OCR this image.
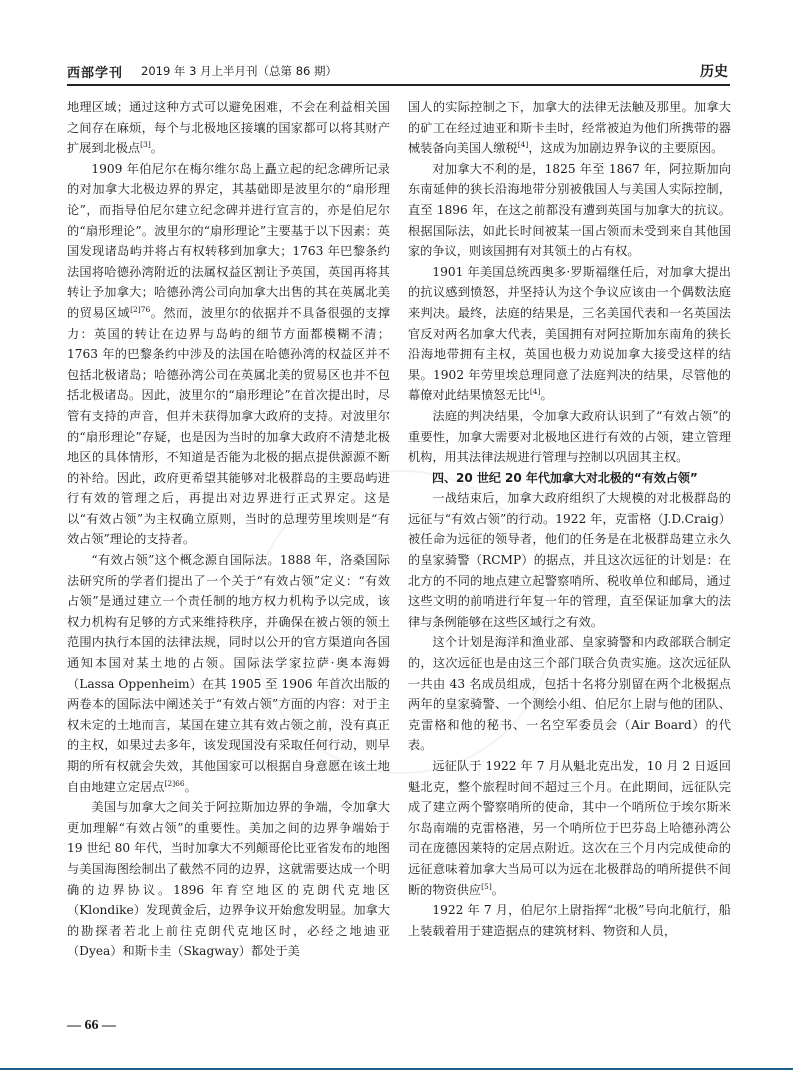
西部学刊 2019 年 3 月上半月刊（总第 86 期）	历史

地理区域；通过这种方式可以避免困难，不会在利益相关国之间存在麻烦，每个与北极地区接壤的国家都可以将其财产扩展到北极点[3]。

1909 年伯尼尔在梅尔维尔岛上矗立起的纪念碑所记录的对加拿大北极边界的界定，其基础即是波里尔的“扇形理论”，而指导伯尼尔建立纪念碑并进行宣言的，亦是伯尼尔的“扇形理论”。波里尔的“扇形理论”主要基于以下因素：英国发现诸岛屿并将占有权转移到加拿大；1763 年巴黎条约法国将哈德孙湾附近的法属权益区割让予英国，英国再将其转让予加拿大；哈德孙湾公司向加拿大出售的其在英属北美的贸易区域$^{[2]76}$。然而，波里尔的依据并不具备很强的支撑力：英国的转让在边界与岛屿的细节方面都模糊不清；1763 年的巴黎条约中涉及的法国在哈德孙湾的权益区并不包括北极诸岛；哈德孙湾公司在英属北美的贸易区也并不包括北极诸岛。因此，波里尔的“扇形理论”在首次提出时，尽管有支持的声音，但并未获得加拿大政府的支持。对波里尔的“扇形理论”存疑，也是因为当时的加拿大政府不清楚北极地区的具体情形，不知道是否能为北极的据点提供源源不断的补给。因此，政府更希望其能够对北极群岛的主要岛屿进行有效的管理之后，再提出对边界进行正式界定。这是以“有效占领”为主权确立原则，当时的总理劳里埃则是“有效占领”理论的支持者。

“有效占领”这个概念源自国际法。1888 年，洛桑国际法研究所的学者们提出了一个关于“有效占领”定义：“有效占领”是通过建立一个责任制的地方权力机构予以完成，该权力机构有足够的方式来维持秩序，并确保在被占领的领土范围内执行本国的法律法规，同时以公开的官方渠道向各国通知本国对某土地的占领。国际法学家拉萨·奥本海姆（Lassa Oppenheim）在其 1905 至 1906 年首次出版的两卷本的国际法中阐述关于“有效占领”方面的内容：对于主权未定的土地而言，某国在建立其有效占领之前，没有真正的主权，如果过去多年，该发现国没有采取任何行动，则早期的所有权就会失效，其他国家可以根据自身意愿在该土地自由地建立定居点$^{[2]66}$。

美国与加拿大之间关于阿拉斯加边界的争端，令加拿大更加理解“有效占领”的重要性。美加之间的边界争端始于 19 世纪 80 年代，当时加拿大不列颠哥伦比亚省发布的地图与美国海图绘制出了截然不同的边界，这就需要达成一个明确的边界协议。1896 年育空地区的克朗代克地区（Klondike）发现黄金后，边界争议开始愈发明显。加拿大的勘探者若北上前往克朗代克地区时，必经之地迪亚（Dyea）和斯卡圭（Skagway）都处于美

国人的实际控制之下，加拿大的法律无法触及那里。加拿大的矿工在经过迪亚和斯卡圭时，经常被迫为他们所携带的器械装备向美国人缴税[4]，这成为加剧边界争议的主要原因。

对加拿大不利的是，1825 年至 1867 年，阿拉斯加向东南延伸的狭长沿海地带分别被俄国人与美国人实际控制，直至 1896 年，在这之前都没有遭到英国与加拿大的抗议。根据国际法，如此长时间被某一国占领而未受到来自其他国家的争议，则该国拥有对其领土的占有权。

1901 年美国总统西奥多·罗斯福继任后，对加拿大提出的抗议感到愤怒，并坚持认为这个争议应该由一个偶数法庭来判决。最终，法庭的结果是，三名美国代表和一名英国法官反对两名加拿大代表，美国拥有对阿拉斯加东南角的狭长沿海地带拥有主权，英国也极力劝说加拿大接受这样的结果。1902 年劳里埃总理同意了法庭判决的结果，尽管他的幕僚对此结果愤怒无比[4]。

法庭的判决结果，令加拿大政府认识到了“有效占领”的重要性，加拿大需要对北极地区进行有效的占领，建立管理机构，用其法律法规进行管理与控制以巩固其主权。

四、20 世纪 20 年代加拿大对北极的“有效占领”

一战结束后，加拿大政府组织了大规模的对北极群岛的远征与“有效占领”的行动。1922 年，克雷格（J.D.Craig）被任命为远征的领导者，他们的任务是在北极群岛建立永久的皇家骑警（RCMP）的据点，并且这次远征的计划是：在北方的不同的地点建立起警察哨所、税收单位和邮局，通过这些文明的前哨进行年复一年的管理，直至保证加拿大的法律与条例能够在这些区域行之有效。

这个计划是海洋和渔业部、皇家骑警和内政部联合制定的，这次远征也是由这三个部门联合负责实施。这次远征队一共由 43 名成员组成，包括十名将分别留在两个北极据点两年的皇家骑警、一个测绘小组、伯尼尔上尉与他的团队、克雷格和他的秘书、一名空军委员会（Air Board）的代表。

远征队于 1922 年 7 月从魁北克出发，10 月 2 日返回魁北克，整个旅程时间不超过三个月。在此期间，远征队完成了建立两个警察哨所的使命，其中一个哨所位于埃尔斯米尔岛南端的克雷格港，另一个哨所位于巴芬岛上哈德孙湾公司在庞德因莱特的定居点附近。这次在三个月内完成使命的远征意味着加拿大当局可以为远在北极群岛的哨所提供不间断的物资供应[5]。

1922 年 7 月，伯尼尔上尉指挥“北极”号向北航行，船上装载着用于建造据点的建筑材料、物资和人员，

— 66 —
